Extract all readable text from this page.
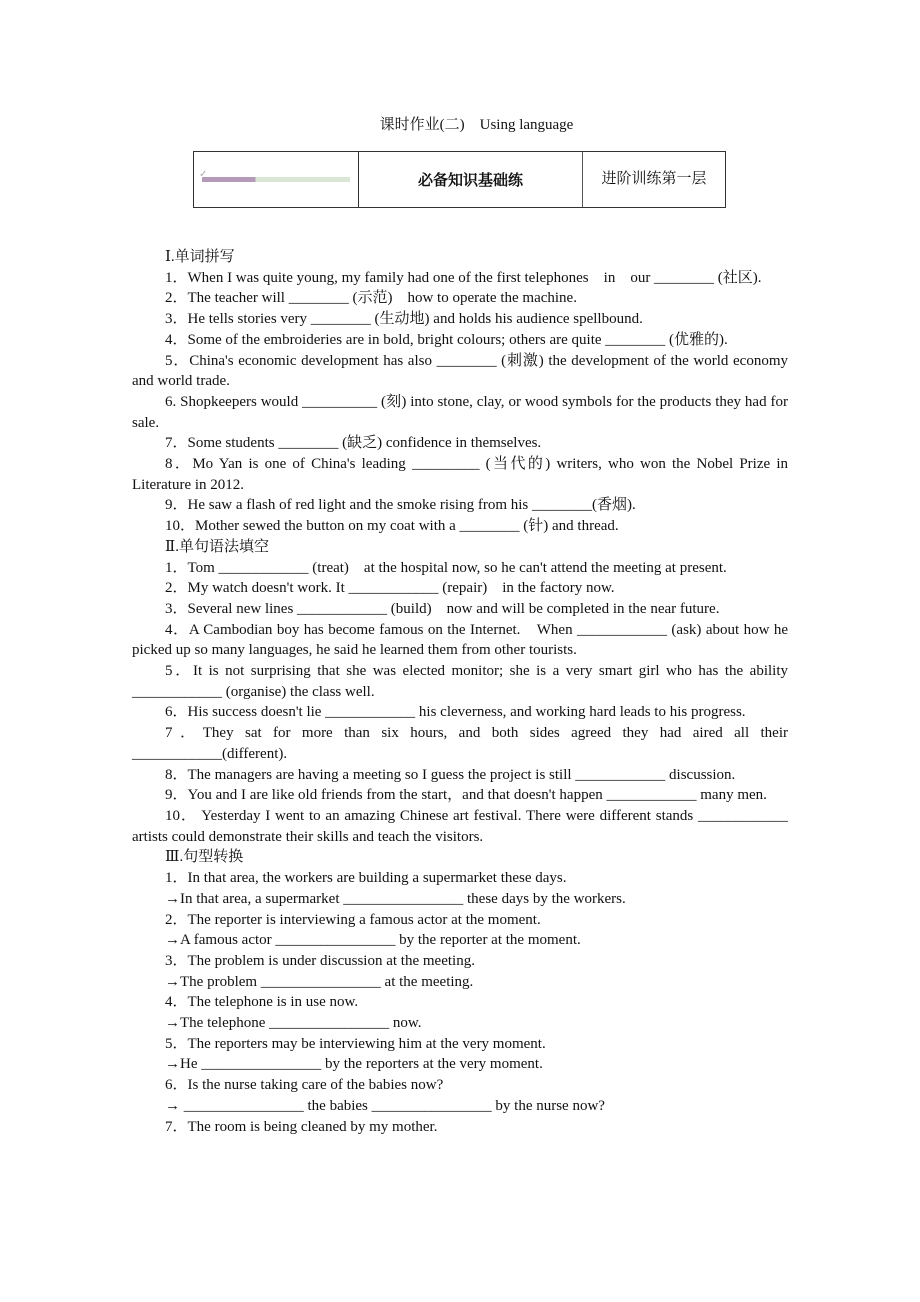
课时作业(二)　Using language
✓
必备知识基础练	进阶训练第一层
Ⅰ.单词拼写
1．When I was quite young, my family had one of the first telephones　in　our ________ (社区).
2．The teacher will ________ (示范)　how to operate the machine.
3．He tells stories very ________ (生动地) and holds his audience spellbound.
4．Some of the embroideries are in bold, bright colours; others are quite ________ (优雅的).
5．China's economic development has also ________ (刺激) the development of the world economy and world trade.
6. Shopkeepers would __________ (刻) into stone, clay, or wood symbols for the products they had for sale.
7．Some students ________ (缺乏) confidence in themselves.
8．Mo Yan is one of China's leading _________ (当代的) writers, who won the Nobel Prize in Literature in 2012.
9．He saw a flash of red light and the smoke rising from his ________(香烟).
10．Mother sewed the button on my coat with a ________ (针) and thread.
Ⅱ.单句语法填空
1．Tom ____________ (treat)　at the hospital now, so he can't attend the meeting at present.
2．My watch doesn't work. It ____________ (repair)　in the factory now.
3．Several new lines ____________ (build)　now and will be completed in the near future.
4．A Cambodian boy has become famous on the Internet.　When ____________ (ask) about how he picked up so many languages, he said he learned them from other tourists.
5．It is not surprising that she was elected monitor; she is a very smart girl who has the ability ____________ (organise) the class well.
6．His success doesn't lie ____________ his cleverness, and working hard leads to his progress.
7．They sat for more than six hours, and both sides agreed they had aired all their ____________(different).
8．The managers are having a meeting so I guess the project is still ____________ discussion.
9．You and I are like old friends from the start，and that doesn't happen ____________ many men.
10． Yesterday I went to an amazing Chinese art festival. There were different stands ____________ artists could demonstrate their skills and teach the visitors.
Ⅲ.句型转换
1．In that area, the workers are building a supermarket these days.
→In that area, a supermarket ________________ these days by the workers.
2．The reporter is interviewing a famous actor at the moment.
→A famous actor ________________ by the reporter at the moment.
3．The problem is under discussion at the meeting.
→The problem ________________ at the meeting.
4．The telephone is in use now.
→The telephone ________________ now.
5．The reporters may be interviewing him at the very moment.
→He ________________ by the reporters at the very moment.
6．Is the nurse taking care of the babies now?
→ ________________ the babies ________________ by the nurse now?
7．The room is being cleaned by my mother.
